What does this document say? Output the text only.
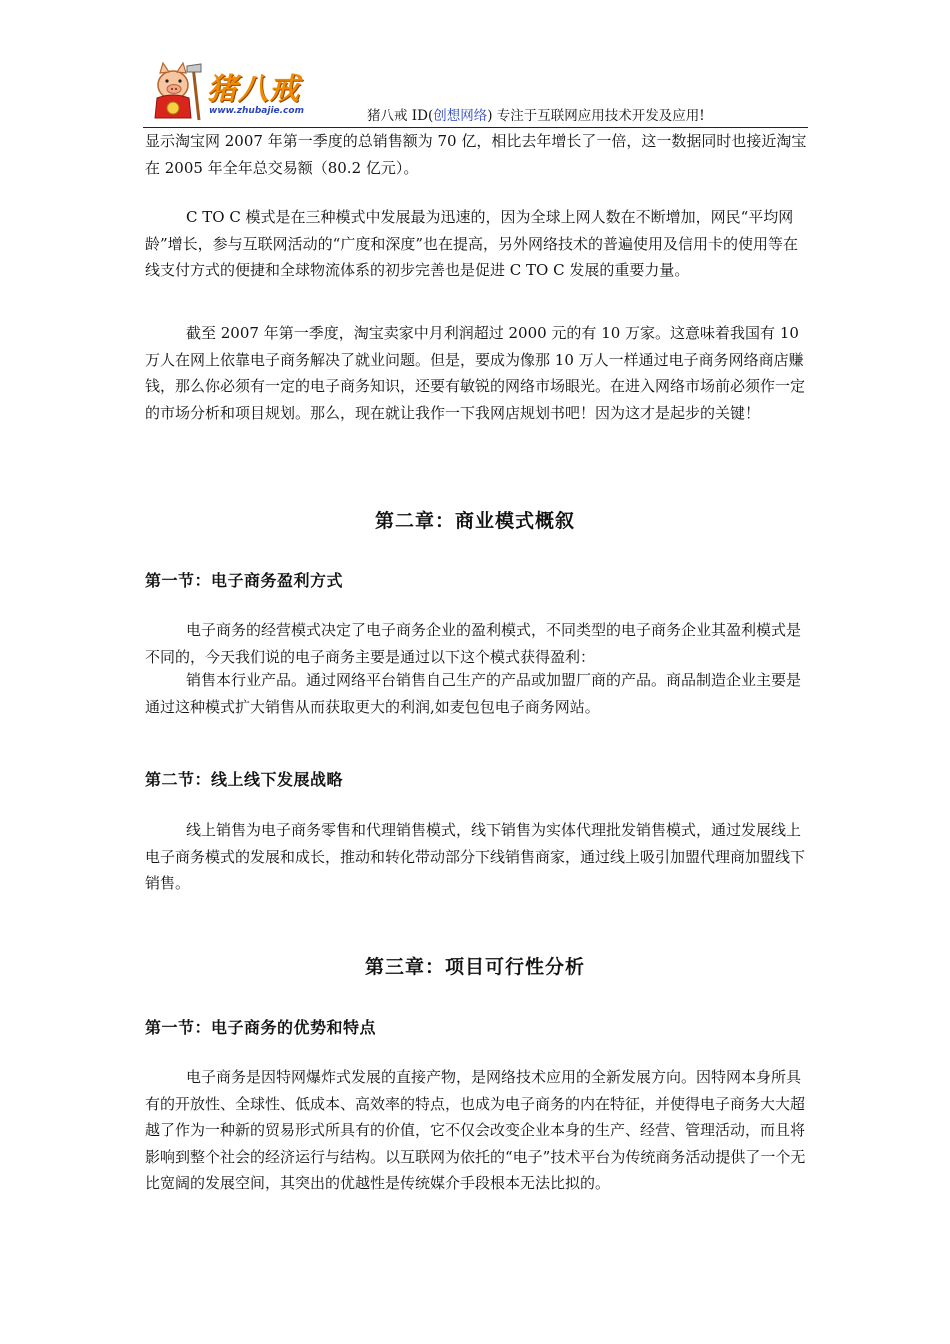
猪八戒
www.zhubajie.com	猪八戒 ID(创想网络) 专注于互联网应用技术开发及应用!

显示淘宝网 2007 年第一季度的总销售额为 70 亿，相比去年增长了一倍，这一数据同时也接近淘宝在 2005 年全年总交易额（80.2 亿元）。

C TO C 模式是在三种模式中发展最为迅速的，因为全球上网人数在不断增加，网民“平均网龄”增长，参与互联网活动的“广度和深度”也在提高，另外网络技术的普遍使用及信用卡的使用等在线支付方式的便捷和全球物流体系的初步完善也是促进 C TO C 发展的重要力量。

截至 2007 年第一季度，淘宝卖家中月利润超过 2000 元的有 10 万家。这意味着我国有 10 万人在网上依靠电子商务解决了就业问题。但是，要成为像那 10 万人一样通过电子商务网络商店赚钱，那么你必须有一定的电子商务知识，还要有敏锐的网络市场眼光。在进入网络市场前必须作一定的市场分析和项目规划。那么，现在就让我作一下我网店规划书吧！因为这才是起步的关键！

第二章：商业模式概叙
第一节：电子商务盈利方式

电子商务的经营模式决定了电子商务企业的盈利模式，不同类型的电子商务企业其盈利模式是不同的，今天我们说的电子商务主要是通过以下这个模式获得盈利：

销售本行业产品。通过网络平台销售自己生产的产品或加盟厂商的产品。商品制造企业主要是通过这种模式扩大销售从而获取更大的利润,如麦包包电子商务网站。

第二节：线上线下发展战略

线上销售为电子商务零售和代理销售模式，线下销售为实体代理批发销售模式，通过发展线上电子商务模式的发展和成长，推动和转化带动部分下线销售商家，通过线上吸引加盟代理商加盟线下销售。

第三章：项目可行性分析
第一节：电子商务的优势和特点

电子商务是因特网爆炸式发展的直接产物，是网络技术应用的全新发展方向。因特网本身所具有的开放性、全球性、低成本、高效率的特点，也成为电子商务的内在特征，并使得电子商务大大超越了作为一种新的贸易形式所具有的价值，它不仅会改变企业本身的生产、经营、管理活动，而且将影响到整个社会的经济运行与结构。以互联网为依托的“电子”技术平台为传统商务活动提供了一个无比宽阔的发展空间，其突出的优越性是传统媒介手段根本无法比拟的。
